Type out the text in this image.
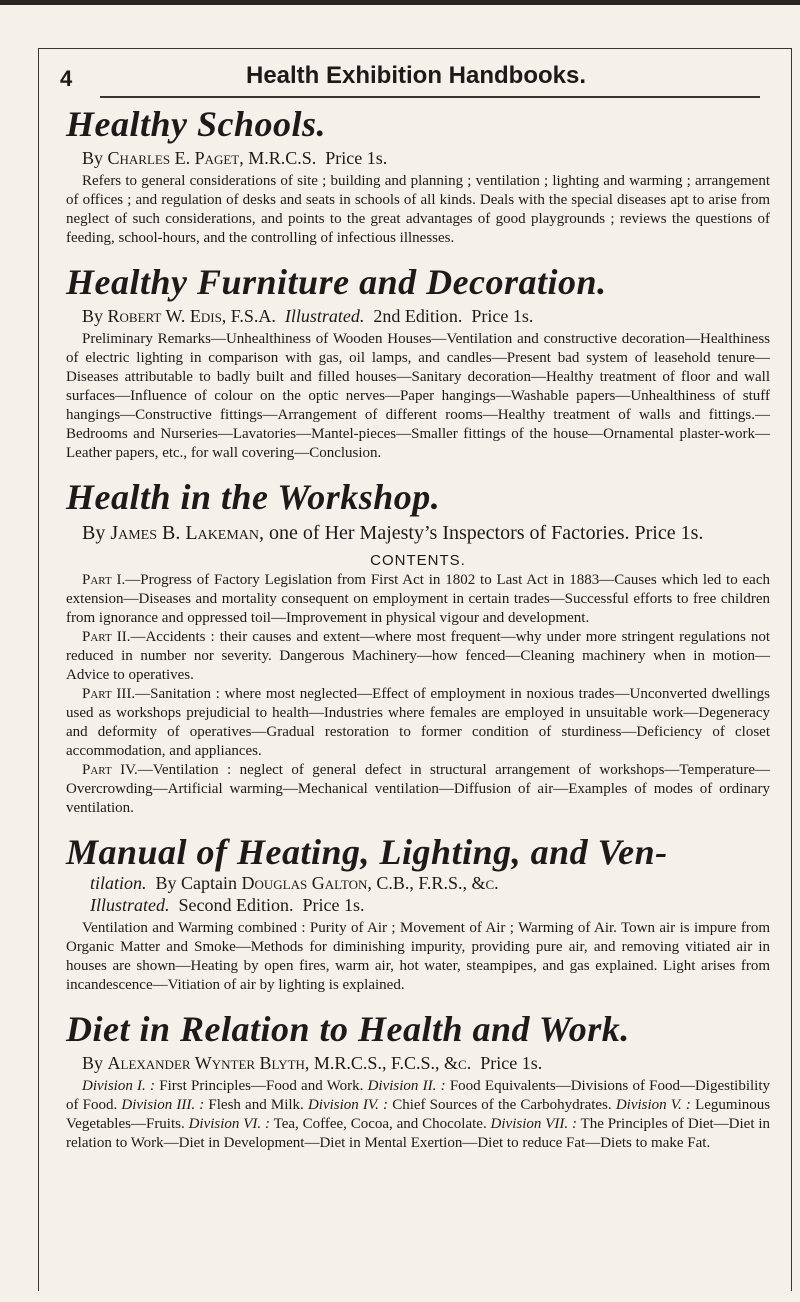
4	Health Exhibition Handbooks.
Healthy Schools.

By Charles E. Paget, M.R.C.S. Price 1s.

Refers to general considerations of site ; building and planning ; ventilation ; lighting and warming ; arrangement of offices ; and regulation of desks and seats in schools of all kinds. Deals with the special diseases apt to arise from neglect of such considerations, and points to the great advantages of good playgrounds ; reviews the questions of feeding, school-hours, and the controlling of infectious illnesses.

Healthy Furniture and Decoration.

By Robert W. Edis, F.S.A. Illustrated. 2nd Edition. Price 1s.

Preliminary Remarks—Unhealthiness of Wooden Houses—Ventilation and constructive decoration—Healthiness of electric lighting in comparison with gas, oil lamps, and candles—Present bad system of leasehold tenure—Diseases attributable to badly built and filled houses—Sanitary decoration—Healthy treatment of floor and wall surfaces—Influence of colour on the optic nerves—Paper hangings—Washable papers—Unhealthiness of stuff hangings—Constructive fittings—Arrangement of different rooms—Healthy treatment of walls and fittings.—Bedrooms and Nurseries—Lavatories—Mantel-pieces—Smaller fittings of the house—Ornamental plaster-work—Leather papers, etc., for wall covering—Conclusion.

Health in the Workshop.

By James B. Lakeman, one of Her Majesty’s Inspectors of Factories. Price 1s.

CONTENTS.

Part I.—Progress of Factory Legislation from First Act in 1802 to Last Act in 1883—Causes which led to each extension—Diseases and mortality consequent on employment in certain trades—Successful efforts to free children from ignorance and oppressed toil—Improvement in physical vigour and development.

Part II.—Accidents : their causes and extent—where most frequent—why under more stringent regulations not reduced in number nor severity. Dangerous Machinery—how fenced—Cleaning machinery when in motion—Advice to operatives.

Part III.—Sanitation : where most neglected—Effect of employment in noxious trades—Unconverted dwellings used as workshops prejudicial to health—Industries where females are employed in unsuitable work—Degeneracy and deformity of operatives—Gradual restoration to former condition of sturdiness—Deficiency of closet accommodation, and appliances.

Part IV.—Ventilation : neglect of general defect in structural arrangement of workshops—Temperature—Overcrowding—Artificial warming—Mechanical ventilation—Diffusion of air—Examples of modes of ordinary ventilation.

Manual of Heating, Lighting, and Ven-

tilation. By Captain Douglas Galton, C.B., F.R.S., &c.

Illustrated. Second Edition. Price 1s.

Ventilation and Warming combined : Purity of Air ; Movement of Air ; Warming of Air. Town air is impure from Organic Matter and Smoke—Methods for diminishing impurity, providing pure air, and removing vitiated air in houses are shown—Heating by open fires, warm air, hot water, steampipes, and gas explained. Light arises from incandescence—Vitiation of air by lighting is explained.

Diet in Relation to Health and Work.

By Alexander Wynter Blyth, M.R.C.S., F.C.S., &c. Price 1s.

Division I. : First Principles—Food and Work. Division II. : Food Equivalents—Divisions of Food—Digestibility of Food. Division III. : Flesh and Milk. Division IV. : Chief Sources of the Carbohydrates. Division V. : Leguminous Vegetables—Fruits. Division VI. : Tea, Coffee, Cocoa, and Chocolate. Division VII. : The Principles of Diet—Diet in relation to Work—Diet in Development—Diet in Mental Exertion—Diet to reduce Fat—Diets to make Fat.
